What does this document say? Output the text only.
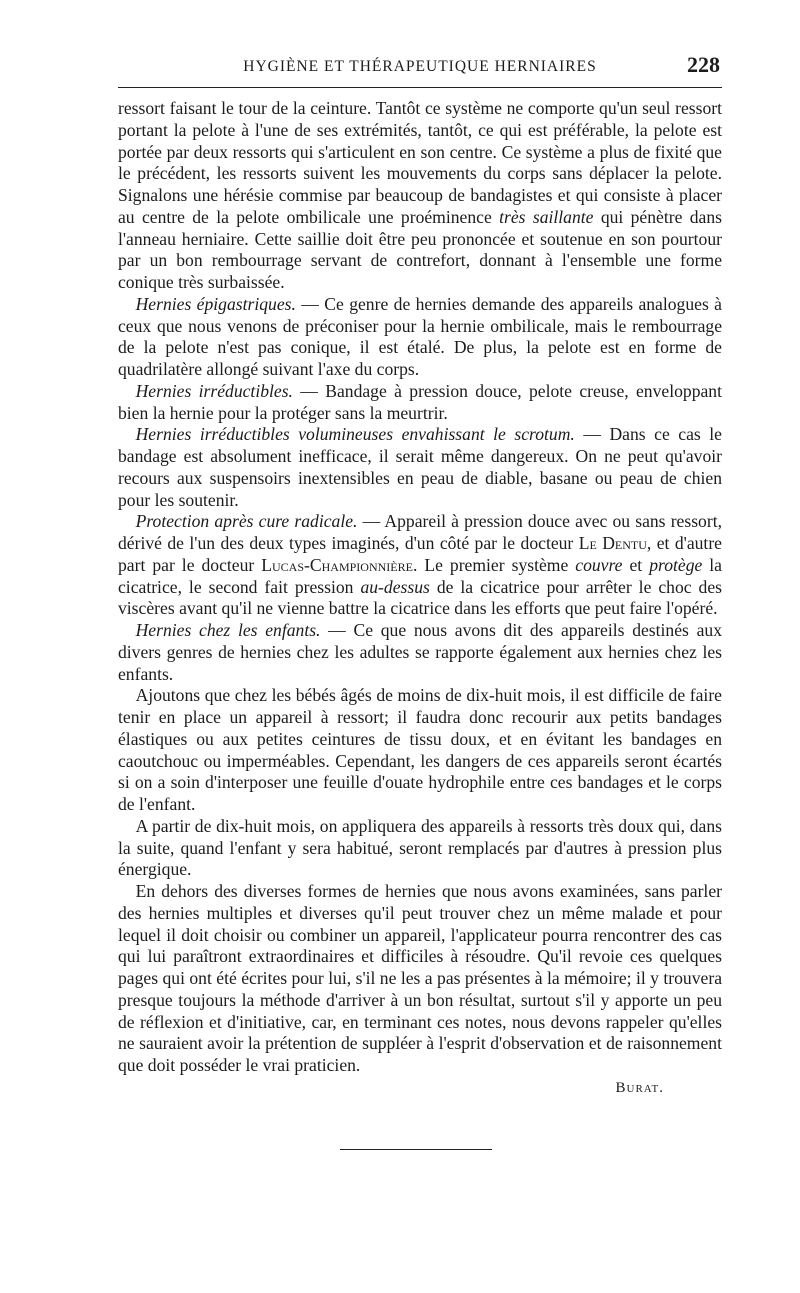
HYGIÈNE ET THÉRAPEUTIQUE HERNIAIRES	228

ressort faisant le tour de la ceinture. Tantôt ce système ne comporte qu'un seul ressort portant la pelote à l'une de ses extrémités, tantôt, ce qui est préférable, la pelote est portée par deux ressorts qui s'articulent en son centre. Ce système a plus de fixité que le précédent, les ressorts suivent les mouvements du corps sans déplacer la pelote. Signalons une hérésie commise par beaucoup de bandagistes et qui consiste à placer au centre de la pelote ombilicale une proéminence très saillante qui pénètre dans l'anneau herniaire. Cette saillie doit être peu prononcée et soutenue en son pourtour par un bon rembourrage servant de contrefort, donnant à l'ensemble une forme conique très surbaissée.

 Hernies épigastriques. — Ce genre de hernies demande des appareils analogues à ceux que nous venons de préconiser pour la hernie ombilicale, mais le rembourrage de la pelote n'est pas conique, il est étalé. De plus, la pelote est en forme de quadrilatère allongé suivant l'axe du corps.

 Hernies irréductibles. — Bandage à pression douce, pelote creuse, enveloppant bien la hernie pour la protéger sans la meurtrir.

 Hernies irréductibles volumineuses envahissant le scrotum. — Dans ce cas le bandage est absolument inefficace, il serait même dangereux. On ne peut qu'avoir recours aux suspensoirs inextensibles en peau de diable, basane ou peau de chien pour les soutenir.

 Protection après cure radicale. — Appareil à pression douce avec ou sans ressort, dérivé de l'un des deux types imaginés, d'un côté par le docteur Le Dentu, et d'autre part par le docteur Lucas-Championnière. Le premier système couvre et protège la cicatrice, le second fait pression au-dessus de la cicatrice pour arrêter le choc des viscères avant qu'il ne vienne battre la cicatrice dans les efforts que peut faire l'opéré.

 Hernies chez les enfants. — Ce que nous avons dit des appareils destinés aux divers genres de hernies chez les adultes se rapporte également aux hernies chez les enfants.

 Ajoutons que chez les bébés âgés de moins de dix-huit mois, il est difficile de faire tenir en place un appareil à ressort; il faudra donc recourir aux petits bandages élastiques ou aux petites ceintures de tissu doux, et en évitant les bandages en caoutchouc ou imperméables. Cependant, les dangers de ces appareils seront écartés si on a soin d'interposer une feuille d'ouate hydrophile entre ces bandages et le corps de l'enfant.

 A partir de dix-huit mois, on appliquera des appareils à ressorts très doux qui, dans la suite, quand l'enfant y sera habitué, seront remplacés par d'autres à pression plus énergique.

 En dehors des diverses formes de hernies que nous avons examinées, sans parler des hernies multiples et diverses qu'il peut trouver chez un même malade et pour lequel il doit choisir ou combiner un appareil, l'applicateur pourra rencontrer des cas qui lui paraîtront extraordinaires et difficiles à résoudre. Qu'il revoie ces quelques pages qui ont été écrites pour lui, s'il ne les a pas présentes à la mémoire; il y trouvera presque toujours la méthode d'arriver à un bon résultat, surtout s'il y apporte un peu de réflexion et d'initiative, car, en terminant ces notes, nous devons rappeler qu'elles ne sauraient avoir la prétention de suppléer à l'esprit d'observation et de raisonnement que doit posséder le vrai praticien.

Burat.
